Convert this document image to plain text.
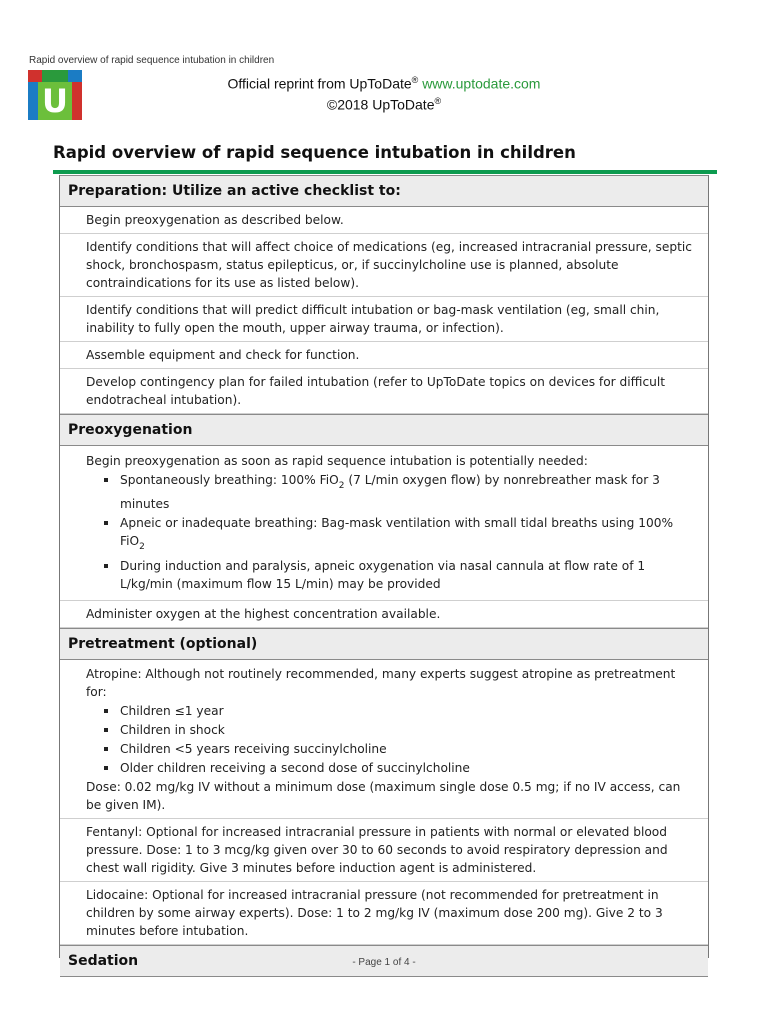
Rapid overview of rapid sequence intubation in children
U	Official reprint from UpToDate® www.uptodate.com
©2018 UpToDate®
Rapid overview of rapid sequence intubation in children
Preparation: Utilize an active checklist to:
Begin preoxygenation as described below.
Identify conditions that will affect choice of medications (eg, increased intracranial pressure, septic shock, bronchospasm, status epilepticus, or, if succinylcholine use is planned, absolute contraindications for its use as listed below).
Identify conditions that will predict difficult intubation or bag-mask ventilation (eg, small chin, inability to fully open the mouth, upper airway trauma, or infection).
Assemble equipment and check for function.
Develop contingency plan for failed intubation (refer to UpToDate topics on devices for difficult endotracheal intubation).
Preoxygenation
Begin preoxygenation as soon as rapid sequence intubation is potentially needed:
Spontaneously breathing: 100% FiO$_2$ (7 L/min oxygen flow) by nonrebreather mask for 3 minutes
Apneic or inadequate breathing: Bag-mask ventilation with small tidal breaths using 100% FiO$_2$
During induction and paralysis, apneic oxygenation via nasal cannula at flow rate of 1 L/kg/min (maximum flow 15 L/min) may be provided
Administer oxygen at the highest concentration available.
Pretreatment (optional)
Atropine: Although not routinely recommended, many experts suggest atropine as pretreatment for:
Children ≤1 year
Children in shock
Children <5 years receiving succinylcholine
Older children receiving a second dose of succinylcholine
Dose: 0.02 mg/kg IV without a minimum dose (maximum single dose 0.5 mg; if no IV access, can be given IM).
Fentanyl: Optional for increased intracranial pressure in patients with normal or elevated blood pressure. Dose: 1 to 3 mcg/kg given over 30 to 60 seconds to avoid respiratory depression and chest wall rigidity. Give 3 minutes before induction agent is administered.
Lidocaine: Optional for increased intracranial pressure (not recommended for pretreatment in children by some airway experts). Dose: 1 to 2 mg/kg IV (maximum dose 200 mg). Give 2 to 3 minutes before intubation.
Sedation	- Page 1 of 4 -
